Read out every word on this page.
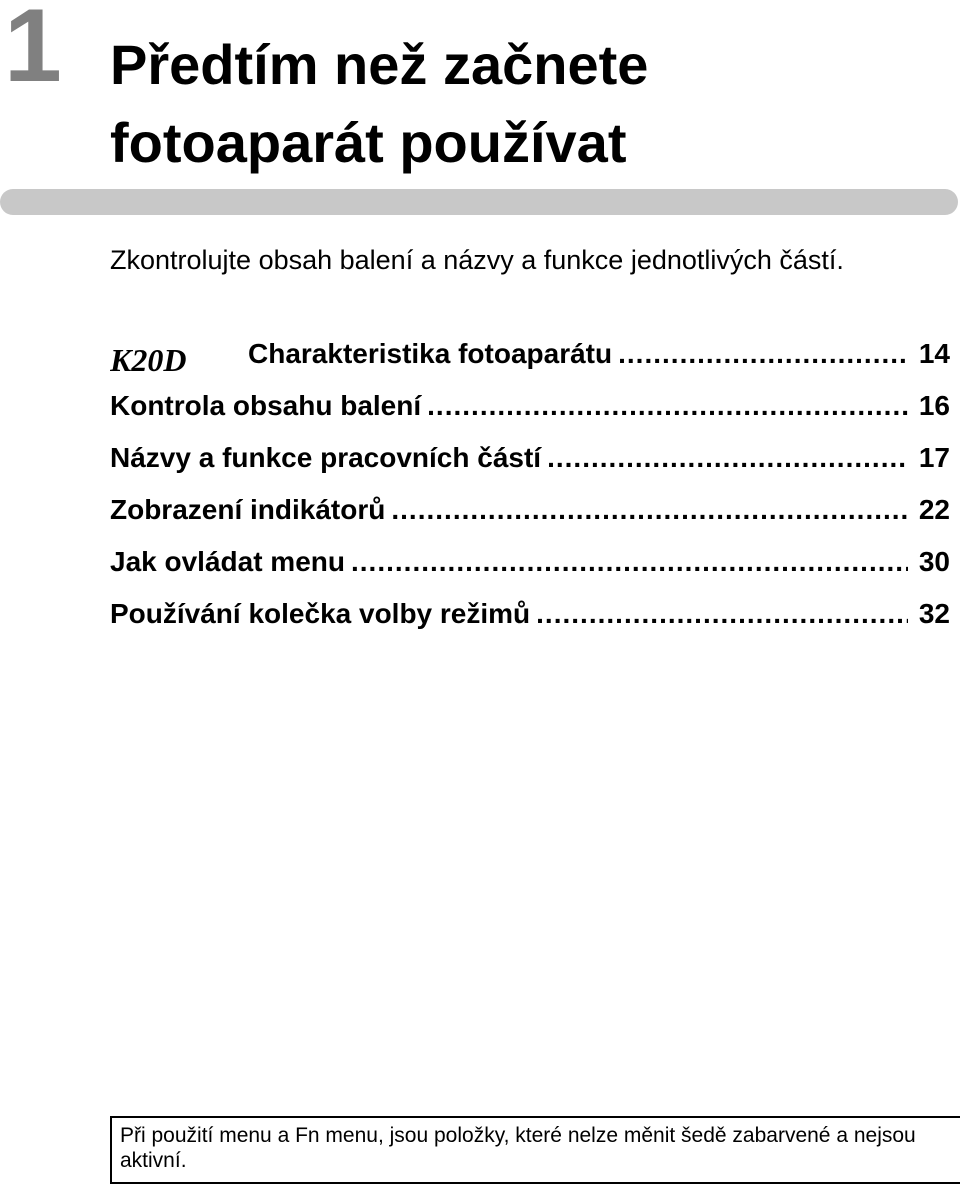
1 Předtím než začnete
fotoaparát používat
Zkontrolujte obsah balení a názvy a funkce jednotlivých částí.
K20D Charakteristika fotoaparátu .....	14
Kontrola obsahu balení .....	16
Názvy a funkce pracovních částí .....	17
Zobrazení indikátorů .....	22
Jak ovládat menu .....	30
Používání kolečka volby režimů .....	32
Při použití menu a Fn menu, jsou položky, které nelze měnit šedě zabarvené a nejsou aktivní.
